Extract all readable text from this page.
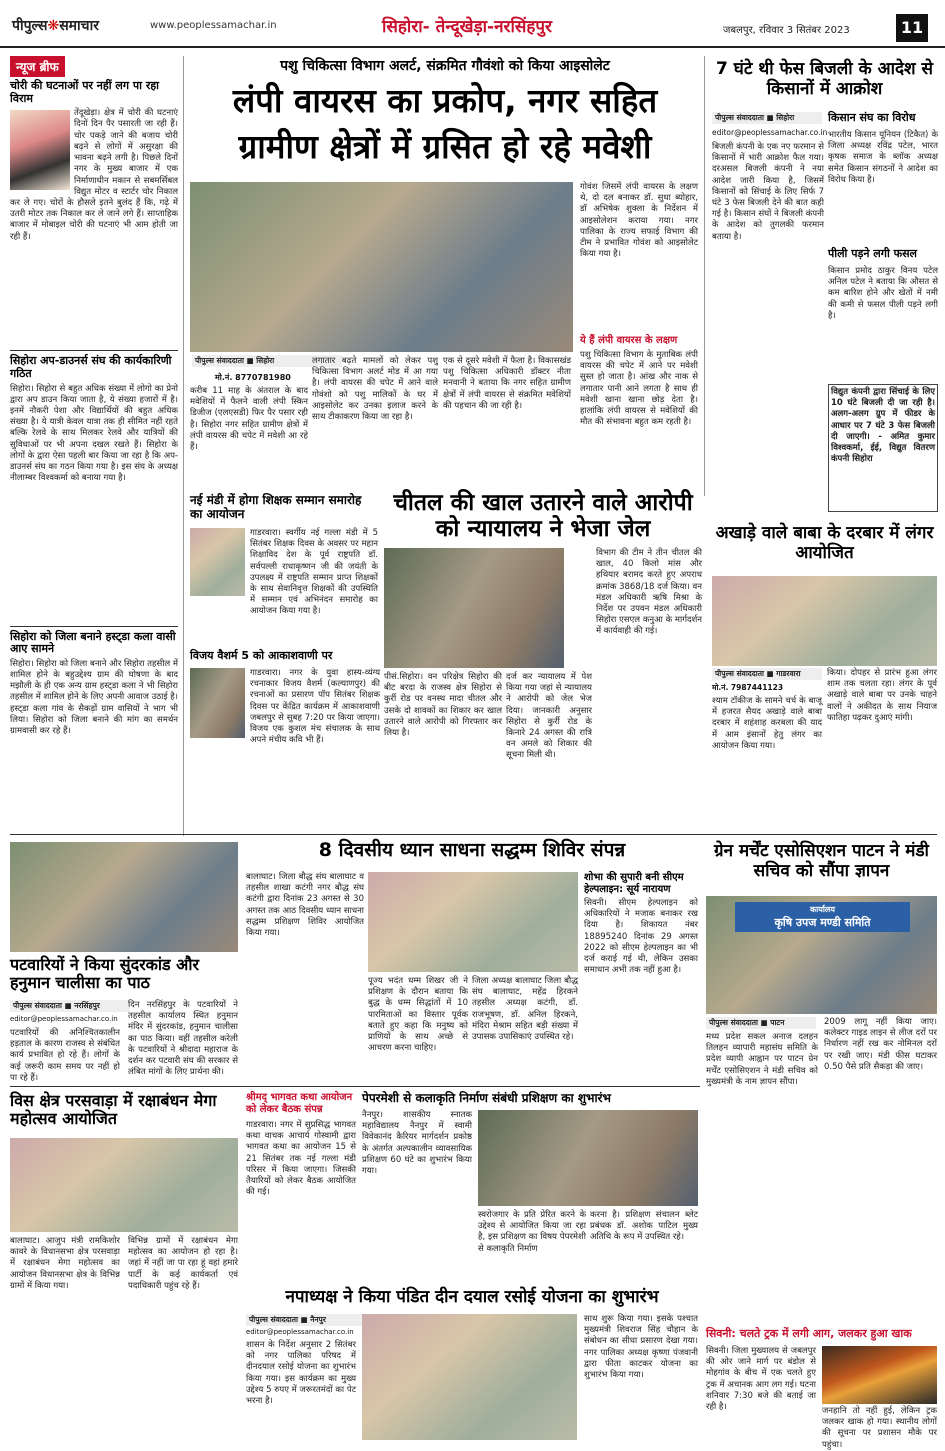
पीपुल्स❋समाचार	www.peoplessamachar.in	सिहोरा- तेन्दूखेड़ा-नरसिंहपुर	जबलपुर, रविवार 3 सितंबर 2023	11
न्यूज ब्रीफ
चोरी की घटनाओं पर नहीं लग पा रहा विराम
तेंदूखेड़ा। क्षेत्र में चोरी की घटनाएं दिनों दिन पैर पसारती जा रही हैं। चोर पकड़े जाने की बजाय चोरी बढ़ने से लोगों में असुरक्षा की भावना बढ़ने लगी है। पिछले दिनों नगर के मुख्य बाजार में एक निर्माणाधीन मकान से सबमर्सिबल विद्युत मोटर व स्टार्टर चोर निकाल कर ले गए। चोरों के हौसले इतने बुलंद हैं कि, गढ़े में उतरी मोटर तक निकाल कर ले जाने लगे हैं। साप्ताहिक बाजार में मोबाइल चोरी की घटनाएं भी आम होती जा रही हैं।
सिहोरा अप-डाउनर्स संघ की कार्यकारिणी गठित
सिहोरा। सिहोरा से बहुत अधिक संख्या में लोगो का प्रेनो द्वारा अप डाउन किया जाता है, ये संख्या हजारों में है। इनमें नौकरी पेशा और विद्यार्थियों की बहुत अधिक संख्या है। ये यात्री केवल यात्रा तक ही सीमित नहीं रहते बल्कि रेलवे के साथ मिलकर रेलवे और यात्रियों की सुविधाओं पर भी अपना दखल रखते हैं। सिहोरा के लोगों के द्वारा ऐसा पहली बार किया जा रहा है कि अप-डाउनर्स संघ का गठन किया गया है। इस संघ के अध्यक्ष नीलाम्बर विश्वकर्मा को बनाया गया है।
सिहोरा को जिला बनाने हस्ट्डा कला वासी आए सामने
सिहोरा। सिहोरा को जिला बनाने और सिहोरा तहसील में शामिल होने के बहुउद्देश्य ग्राम की घोषणा के बाद मझौली के ही एक अन्य ग्राम हस्ट्डा कला ने भी सिहोरा तहसील में शामिल होने के लिए अपनी आवाज उठाई है। हस्ट्डा कला गांव के सैकड़ों ग्राम वासियों ने भाग भी लिया। सिहोरा को जिला बनाने की मांग का समर्थन ग्रामवासी कर रहे हैं।
पशु चिकित्सा विभाग अलर्ट, संक्रमित गौवंशो को किया आइसोलेट
लंपी वायरस का प्रकोप, नगर सहित
ग्रामीण क्षेत्रों में ग्रसित हो रहे मवेशी
पीपुल्स संवाददाता ■ सिहोरा
मो.नं. 8770781980
करीब 11 माह के अंतराल के बाद मवेशियों में फैलने वाली लंपी स्किन डिजीज (एलएसडी) फिर पैर पसार रही है। सिहोरा नगर सहित ग्रामीण क्षेत्रों में लंपी वायरस की चपेट में मवेशी आ रहे हैं।
लगातार बढ़ते मामलों को लेकर पशु चिकित्सा विभाग अलर्ट मोड में आ गया है। लंपी वायरस की चपेट में आने वाले गोवंशो को पशु मालिकों के घर में आइसोलेट कर उनका इलाज करने के साथ टीकाकरण किया जा रहा है।
एक से दूसरे मवेशी में फैला है। विकासखंड पशु चिकित्सा अधिकारी डॉक्टर नीता मनवानी ने बताया कि नगर सहित ग्रामीण क्षेत्रों में लंपी वायरस से संक्रमित मवेशियों की पहचान की जा रही है।
गोवंश जिसमें लंपी वायरस के लक्षण थे, दो दल बनाकर डॉ. सुधा ब्योहार, डॉ अभिषेक शुक्ला के निर्देशन में आइसोलेशन कराया गया। नगर पालिका के राज्य सफाई विभाग की टीम ने प्रभावित गोवंश को आइसोलेट किया गया है।
ये हैं लंपी वायरस के लक्षण
पशु चिकित्सा विभाग के मुताबिक लंपी वायरस की चपेट में आने पर मवेशी सुस्त हो जाता है। आंख और नाक से लगातार पानी आने लगता है साथ ही मवेशी खाना खाना छोड़ देता है। हालांकि लंपी वायरस से मवेशियों की मौत की संभावना बहुत कम रहती है।
नई मंडी में होगा शिक्षक सम्मान समारोह का आयोजन
गाडरवारा। स्वर्गीय नई गल्ला मंडी में 5 सितंबर शिक्षक दिवस के अवसर पर महान शिक्षाविद देश के पूर्व राष्ट्रपति डॉ. सर्वपल्ली राधाकृष्णन जी की जयंती के उपलक्ष्य में राष्ट्रपति सम्मान प्राप्त शिक्षकों के साथ सेवानिवृत्त शिक्षकों की उपस्थिति में सम्मान एवं अभिनंदन समारोह का आयोजन किया गया है।
विजय वैशर्म 5 को आकाशवाणी पर
गाडरवारा। नगर के युवा हास्य-व्यंग्य रचनाकार विजय वैशर्म (कल्याणपुर) की रचनाओं का प्रसारण पॉप सितंबर शिक्षक दिवस पर केंद्रित कार्यक्रम में आकाशवाणी जबलपुर से सुबह 7:20 पर किया जाएगा। विजय एक कुशल मंच संचालक के साथ अपने मंचीय कवि भी हैं।
चीतल की खाल उतारने वाले आरोपी को न्यायालय ने भेजा जेल
पीसं.सिहोरा। वन परिक्षेत्र सिहोरा की बीट बरदा के राजस्व क्षेत्र सिहोरा से कुर्री रोड पर वनस्थ मादा चीतल और उसके दो शावकों का शिकार कर खाल उतारने वाले आरोपी को गिरफ्तार कर लिया है।
दर्ज कर न्यायालय में पेश किया गया जहां से न्यायालय ने आरोपी को जेल भेज दिया। जानकारी अनुसार सिहोरा से कुर्री रोड के किनारे 24 अगस्त की रात्रि वन अमले को शिकार की सूचना मिली थी।
विभाग की टीम ने तीन चीतल की खाल, 40 किलो मांस और हथियार बरामद करते हुए अपराध क्रमांक 3868/18 दर्ज किया। वन मंडल अधिकारी ऋषि मिश्रा के निर्देश पर उपवन मंडल अधिकारी सिहोरा एसएल कनुआ के मार्गदर्शन में कार्यवाही की गई।
7 घंटे थी फेस बिजली के आदेश से किसानों में आक्रोश
पीपुल्स संवाददाता ■ सिहोरा
editor@peoplessamachar.co.in
बिजली कंपनी के एक नए फरमान से किसानों में भारी आक्रोश फैल गया। दरअसल बिजली कंपनी ने नया आदेश जारी किया है, जिसमें किसानों को सिंचाई के लिए सिर्फ 7 घंटे 3 फेस बिजली देने की बात कही गई है। किसान संघों ने बिजली कंपनी के आदेश को तुगलकी फरमान बताया है।
किसान संघ का विरोध
भारतीय किसान यूनियन (टिकैत) के जिला अध्यक्ष रविंद्र पटेल, भारत कृषक समाज के ब्लॉक अध्यक्ष समेत किसान संगठनों ने आदेश का विरोध किया है।
पीली पड़ने लगी फसल
किसान प्रमोद ठाकुर विनय पटेल अनिल पटेल ने बताया कि औसत से कम बारिश होने और खेतों में नमी की कमी से फसल पीली पड़ने लगी है।
विद्युत कंपनी द्वारा सिंचाई के लिए 10 घंटे बिजली दी जा रही है। अलग-अलग ग्रुप में फीडर के आधार पर 7 घंटे 3 फेस बिजली दी जाएगी। - अमित कुमार विश्वकर्मा, ईई, विद्युत वितरण कंपनी सिहोरा
अखाड़े वाले बाबा के दरबार में लंगर आयोजित
पीपुल्स संवाददाता ■ गाडरवारा
मो.नं. 7987441123
श्याम टॉकीज के सामने चर्च के बाजू में हजरत सैयद अखाड़े वाले बाबा दरबार में शहंशाह करबला की याद में आम इंसानों हेतु लंगर का आयोजन किया गया।
किया। दोपहर से प्रारंभ हुआ लंगर शाम तक चलता रहा। लंगर के पूर्व अखाड़े वाले बाबा पर उनके चाहने वालों ने अकीदत के साथ नियाज फातिहा पढ़कर दुआएं मांगी।
पटवारियों ने किया सुंदरकांड और हनुमान चालीसा का पाठ
पीपुल्स संवाददाता ■ नरसिंहपुर
editor@peoplessamachar.co.in
पटवारियों की अनिश्चितकालीन हड़ताल के कारण राजस्व से संबंधित कार्य प्रभावित हो रहे हैं। लोगों के कई जरूरी काम समय पर नहीं हो पा रहे हैं।
दिन नरसिंहपुर के पटवारियों ने तहसील कार्यालय स्थित हनुमान मंदिर में सुंदरकांड, हनुमान चालीसा का पाठ किया। वहीं तहसील करेली के पटवारियों ने श्रीदादा महाराज के दर्शन कर पटवारी संघ की सरकार से लंबित मांगों के लिए प्रार्थना की।
8 दिवसीय ध्यान साधना सद्धम्म शिविर संपन्न
बालाघाट। जिला बौद्ध संघ बालाघाट व तहसील शाखा कटंगी नगर बौद्ध संघ कटंगी द्वारा दिनांक 23 अगस्त से 30 अगस्त तक आठ दिवसीय ध्यान साधना सद्धम्म प्रशिक्षण शिविर आयोजित किया गया।
पूज्य भदंत धम्म शिखर जी ने प्रशिक्षण के दौरान बताया कि बुद्ध के धम्म सिद्धांतों में 10 पारमिताओं का विस्तार पूर्वक बताते हुए कहा कि मनुष्य को प्राणियों के साथ अच्छे से आचरण करना चाहिए।
जिला अध्यक्ष बालाघाट जिला बौद्ध संघ बालाघाट, महेंद्र हिरकने तहसील अध्यक्ष कटंगी, डॉ. राजभूषण, डॉ. अनिल हिरकने, मंदिरा मेश्राम सहित बड़ी संख्या में उपासक उपासिकाएं उपस्थित रहे।
शोभा की सुपारी बनी सीएम हेल्पलाइन: सूर्य नारायण
सिवनी। सीएम हेल्पलाइन को अधिकारियों ने मजाक बनाकर रख दिया है। शिकायत नंबर 18895240 दिनांक 29 अगस्त 2022 को सीएम हेल्पलाइन का भी दर्ज कराई गई थी, लेकिन उसका समाधान अभी तक नहीं हुआ है।
ग्रेन मर्चेंट एसोसिएशन पाटन ने मंडी सचिव को सौंपा ज्ञापन
कार्यालय
कृषि उपज मण्डी समिति
पीपुल्स संवाददाता ■ पाटन
मध्य प्रदेश सकल अनाज दलहन तिलहन व्यापारी महासंघ समिति के प्रदेश व्यापी आह्वान पर पाटन ग्रेन मर्चेंट एसोसिएशन ने मंडी सचिव को मुख्यमंत्री के नाम ज्ञापन सौंपा।
2009 लागू नहीं किया जाए। कलेक्टर गाइड लाइन से लीज दरों पर निर्धारण नहीं रख कर नोमिनल दरों पर रखी जाए। मंडी फीस घटाकर 0.50 पैसे प्रति सैकड़ा की जाए।
विस क्षेत्र परसवाड़ा में रक्षाबंधन मेगा महोत्सव आयोजित
बालाघाट। आजुप मंत्री रामकिशोर कावरे के विधानसभा क्षेत्र परसवाड़ा में रक्षाबंधन मेगा महोत्सव का आयोजन विधानसभा क्षेत्र के विभिन्न ग्रामों में किया गया।
विभिन्न ग्रामों में रक्षाबंधन मेगा महोत्सव का आयोजन हो रहा है। जहां में नहीं जा पा रहा हूं वहां हमारे पार्टी के कई कार्यकर्ता एवं पदाधिकारी पहुंच रहे हैं।
श्रीमद् भागवत कथा आयोजन को लेकर बैठक संपन्न
गाडरवारा। नगर में सुप्रसिद्ध भागवत कथा वाचक आचार्य गोस्वामी द्वारा भागवत कथा का आयोजन 15 से 21 सितंबर तक नई गल्ला मंडी परिसर में किया जाएगा। जिसकी तैयारियों को लेकर बैठक आयोजित की गई।
पेपरमेशी से कलाकृति निर्माण संबंधी प्रशिक्षण का शुभारंभ
नैनपुर। शासकीय स्नातक महाविद्यालय नैनपुर में स्वामी विवेकानंद कैरियर मार्गदर्शन प्रकोष्ठ के अंतर्गत अल्पकालीन व्यावसायिक प्रशिक्षण 60 घंटे का शुभारंभ किया गया।
स्वरोजगार के प्रति प्रेरित करने के उद्देश्य से आयोजित किया जा रहा है, इस प्रशिक्षण का विषय पेपरमेशी से कलाकृति निर्माण
करना है। प्रशिक्षण संचालन ब्लेट प्रबंधक डॉ. अशोक पाटिल मुख्य अतिथि के रूप में उपस्थित रहे।
नपाध्यक्ष ने किया पंडित दीन दयाल रसोई योजना का शुभारंभ
पीपुल्स संवाददाता ■ नैनपुर
editor@peoplessamachar.co.in
शासन के निर्देश अनुसार 2 सितंबर को नगर पालिका परिषद में दीनदयाल रसोई योजना का शुभारंभ किया गया। इस कार्यक्रम का मुख्य उद्देश्य 5 रुपए में जरूरतमंदों का पेट भरना है।
साथ शुरू किया गया। इसके पश्चात मुख्यमंत्री शिवराज सिंह चौहान के संबोधन का सीधा प्रसारण देखा गया। नगर पालिका अध्यक्ष कृष्णा पंजवानी द्वारा फीता काटकर योजना का शुभारंभ किया गया।
सिवनी: चलते ट्रक में लगी आग, जलकर हुआ खाक
सिवनी। जिला मुख्यालय से जबलपुर की ओर जाने मार्ग पर बंडोल से मोहगांव के बीच में एक चलते हुए ट्रक में अचानक आग लग गई। घटना शनिवार 7:30 बजे की बताई जा रही है।	जनहानि तो नहीं हुई, लेकिन ट्रक जलकर खाक हो गया। स्थानीय लोगों की सूचना पर प्रशासन मौके पर पहुंचा।
